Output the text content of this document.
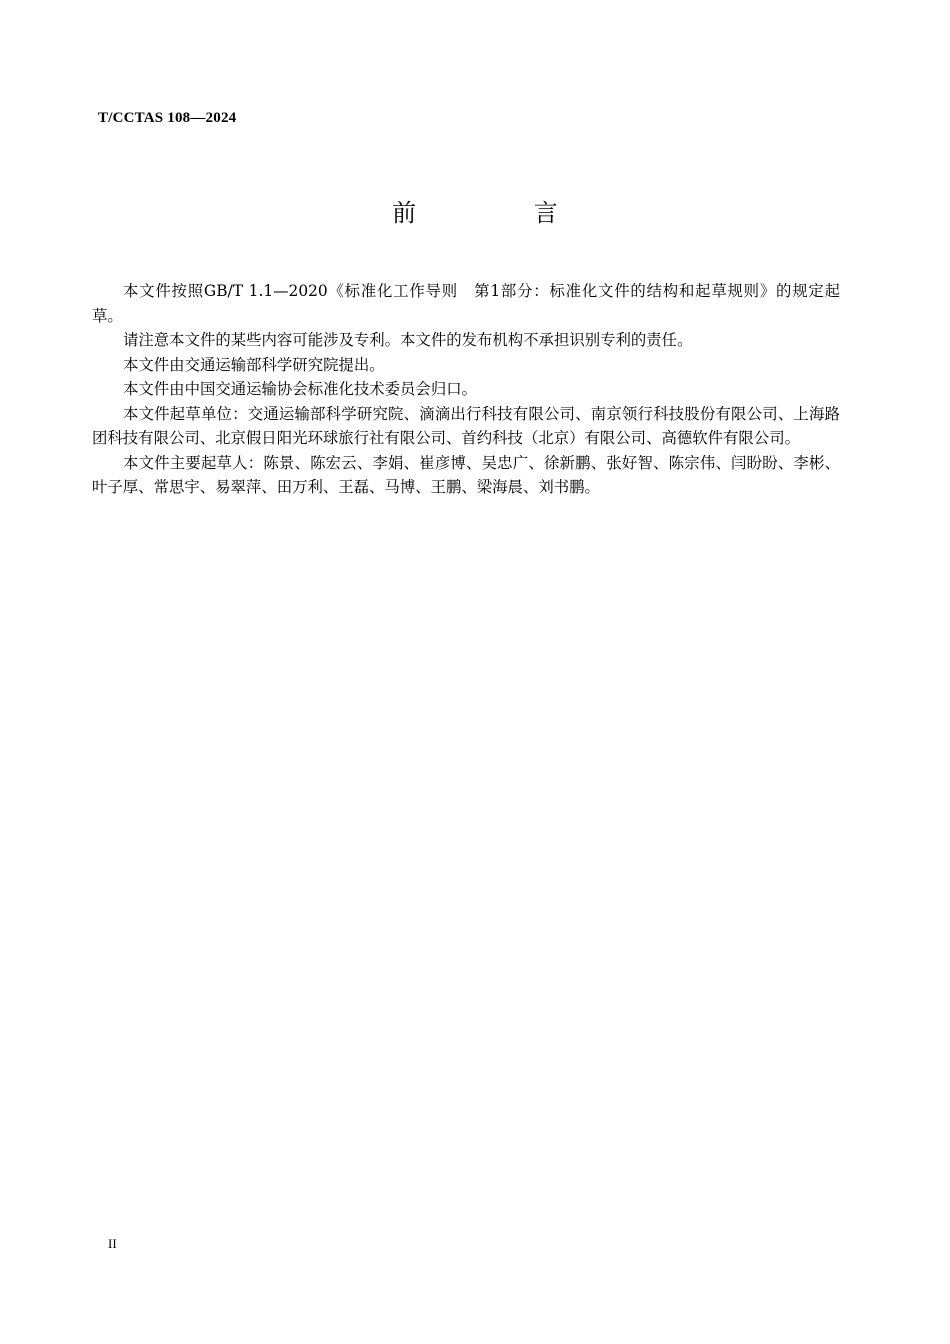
T/CCTAS 108—2024
前 言

本文件按照GB/T 1.1—2020《标准化工作导则　第1部分：标准化文件的结构和起草规则》的规定起草。

请注意本文件的某些内容可能涉及专利。本文件的发布机构不承担识别专利的责任。

本文件由交通运输部科学研究院提出。

本文件由中国交通运输协会标准化技术委员会归口。

本文件起草单位：交通运输部科学研究院、滴滴出行科技有限公司、南京领行科技股份有限公司、上海路团科技有限公司、北京假日阳光环球旅行社有限公司、首约科技（北京）有限公司、高德软件有限公司。

本文件主要起草人：陈景、陈宏云、李娟、崔彦博、吴忠广、徐新鹏、张好智、陈宗伟、闫盼盼、李彬、叶子厚、常思宇、易翠萍、田万利、王磊、马博、王鹏、梁海晨、刘书鹏。

II
